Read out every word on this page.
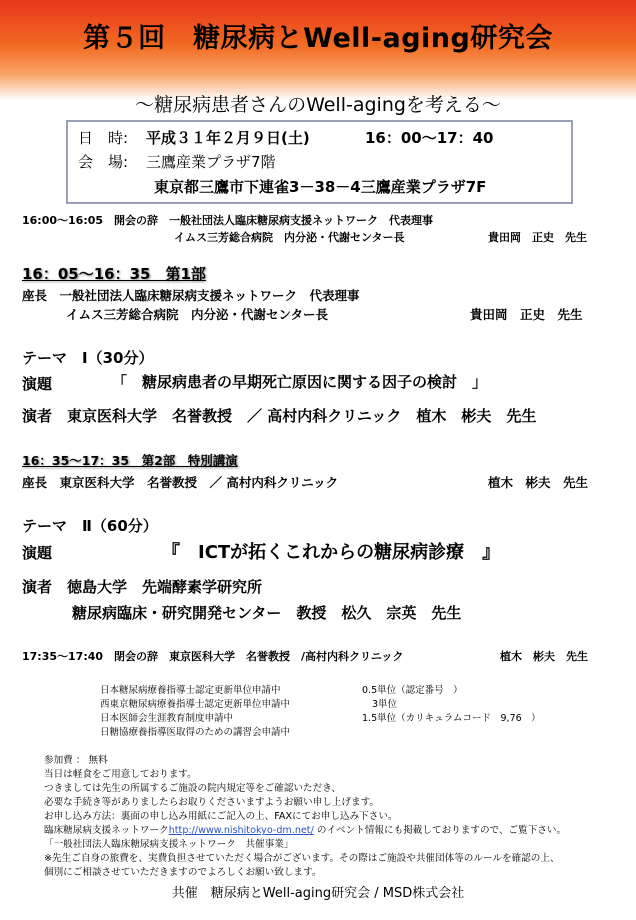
第５回　糖尿病とWell-aging研究会
～糖尿病患者さんのWell-agingを考える～
日　時: 平成３１年２月９日(土)	16：00～17：40
会　場: 三鷹産業プラザ7階
東京都三鷹市下連雀3－38－4三鷹産業プラザ7F
16:00～16:05　開会の辞　一般社団法人臨床糖尿病支援ネットワーク　代表理事
イムス三芳総合病院　内分泌・代謝センター長	貴田岡　正史　先生
16：05～16：35　第1部
座長　一般社団法人臨床糖尿病支援ネットワーク　代表理事
イムス三芳総合病院　内分泌・代謝センター長	貴田岡　正史　先生
テーマ　Ⅰ（30分）
演題	「　糖尿病患者の早期死亡原因に関する因子の検討　」
演者　東京医科大学　名誉教授　／ 高村内科クリニック　植木　彬夫　先生
16：35～17：35　第2部　特別講演
座長　東京医科大学　名誉教授　／ 高村内科クリニック	植木　彬夫　先生
テーマ　Ⅱ（60分）
演題	『　ICTが拓くこれからの糖尿病診療　』
演者　徳島大学　先端酵素学研究所
糖尿病臨床・研究開発センター　教授　松久　宗英　先生
17:35～17:40　閉会の辞　東京医科大学　名誉教授　/高村内科クリニック	植木　彬夫　先生
日本糖尿病療養指導士認定更新単位申請中	0.5単位（認定番号　）
西東京糖尿病療養指導士認定更新単位申請中	3単位
日本医師会生涯教育制度申請中	1.5単位（カリキュラムコード　9,76　）
日糖協療養指導医取得のための講習会申請中
参加費 ： 無料
当日は軽食をご用意しております。
つきましては先生の所属するご施設の院内規定等をご確認いただき、
必要な手続き等がありましたらお取りくださいますようお願い申し上げます。
お申し込み方法：裏面の申し込み用紙にご記入の上、FAXにてお申し込み下さい。
臨床糖尿病支援ネットワークhttp://www.nishitokyo-dm.net/ のイベント情報にも掲載しておりますので、ご覧下さい。
「一般社団法人臨床糖尿病支援ネットワーク　共催事業」
※先生ご自身の旅費を、実費負担させていただく場合がございます。その際はご施設や共催団体等のルールを確認の上、
個別にご相談させていただきますのでよろしくお願い致します。
共催　糖尿病とWell-aging研究会 / MSD株式会社
